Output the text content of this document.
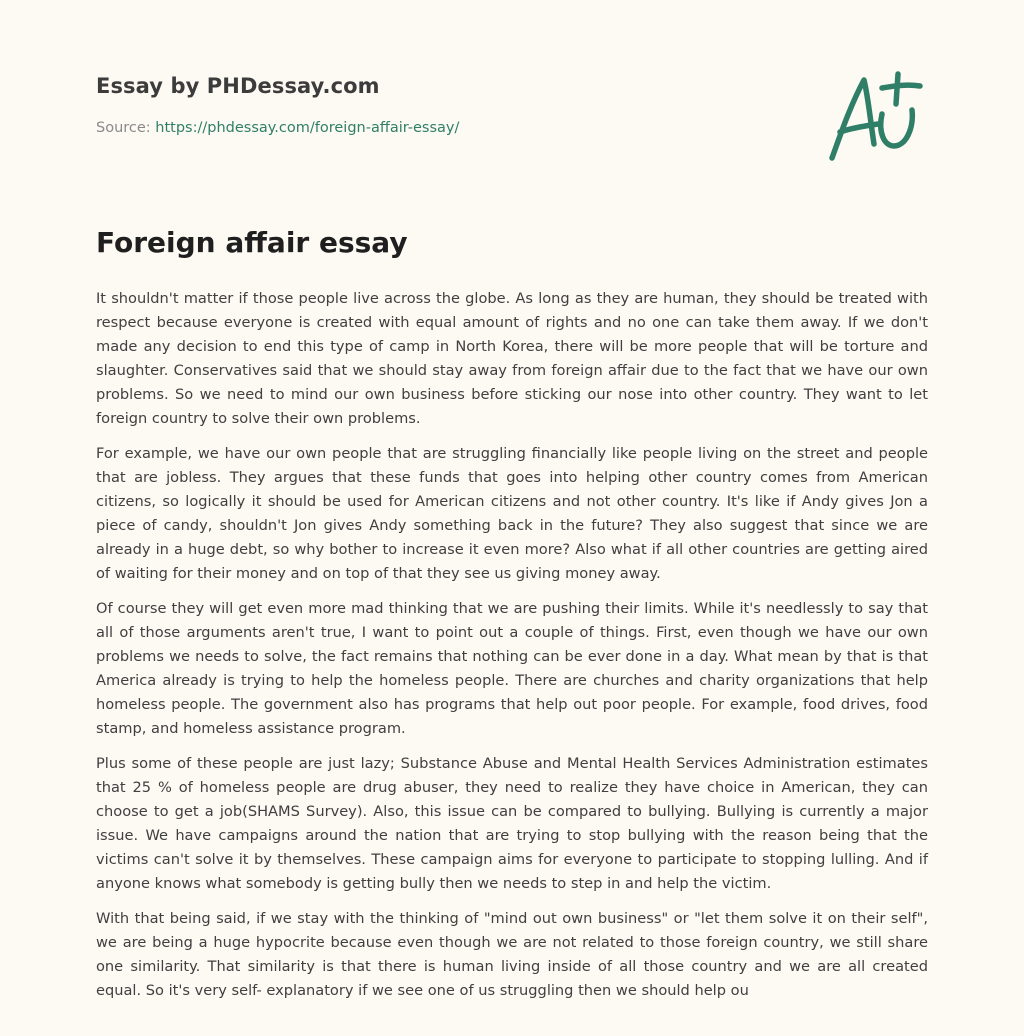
Essay by PHDessay.com
Source: https://phdessay.com/foreign-affair-essay/
Foreign affair essay

It shouldn't matter if those people live across the globe. As long as they are human, they should be treated with respect because everyone is created with equal amount of rights and no one can take them away. If we don't made any decision to end this type of camp in North Korea, there will be more people that will be torture and slaughter. Conservatives said that we should stay away from foreign affair due to the fact that we have our own problems. So we need to mind our own business before sticking our nose into other country. They want to let foreign country to solve their own problems.

For example, we have our own people that are struggling financially like people living on the street and people that are jobless. They argues that these funds that goes into helping other country comes from American citizens, so logically it should be used for American citizens and not other country. It's like if Andy gives Jon a piece of candy, shouldn't Jon gives Andy something back in the future? They also suggest that since we are already in a huge debt, so why bother to increase it even more? Also what if all other countries are getting aired of waiting for their money and on top of that they see us giving money away.

Of course they will get even more mad thinking that we are pushing their limits. While it's needlessly to say that all of those arguments aren't true, I want to point out a couple of things. First, even though we have our own problems we needs to solve, the fact remains that nothing can be ever done in a day. What mean by that is that America already is trying to help the homeless people. There are churches and charity organizations that help homeless people. The government also has programs that help out poor people. For example, food drives, food stamp, and homeless assistance program.

Plus some of these people are just lazy; Substance Abuse and Mental Health Services Administration estimates that 25 % of homeless people are drug abuser, they need to realize they have choice in American, they can choose to get a job(SHAMS Survey). Also, this issue can be compared to bullying. Bullying is currently a major issue. We have campaigns around the nation that are trying to stop bullying with the reason being that the victims can't solve it by themselves. These campaign aims for everyone to participate to stopping lulling. And if anyone knows what somebody is getting bully then we needs to step in and help the victim.

With that being said, if we stay with the thinking of "mind out own business" or "let them solve it on their self", we are being a huge hypocrite because even though we are not related to those foreign country, we still share one similarity. That similarity is that there is human living inside of all those country and we are all created equal. So it's very self- explanatory if we see one of us struggling then we should help ou
